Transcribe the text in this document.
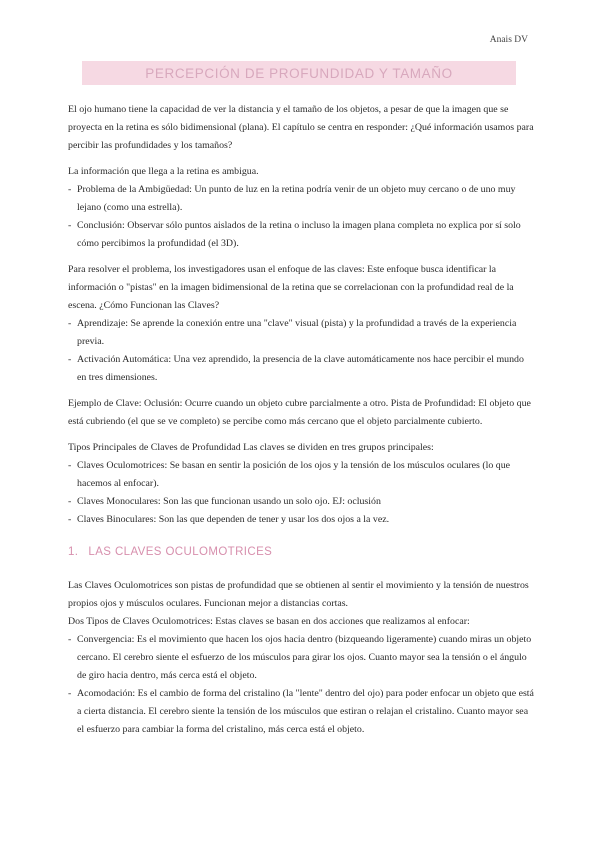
Anais DV
PERCEPCIÓN DE PROFUNDIDAD Y TAMAÑO

El ojo humano tiene la capacidad de ver la distancia y el tamaño de los objetos, a pesar de que la imagen que se proyecta en la retina es sólo bidimensional (plana). El capítulo se centra en responder: ¿Qué información usamos para percibir las profundidades y los tamaños?

La información que llega a la retina es ambigua.

- Problema de la Ambigüedad: Un punto de luz en la retina podría venir de un objeto muy cercano o de uno muy lejano (como una estrella).
- Conclusión: Observar sólo puntos aislados de la retina o incluso la imagen plana completa no explica por sí solo cómo percibimos la profundidad (el 3D).

Para resolver el problema, los investigadores usan el enfoque de las claves: Este enfoque busca identificar la información o "pistas" en la imagen bidimensional de la retina que se correlacionan con la profundidad real de la escena. ¿Cómo Funcionan las Claves?

- Aprendizaje: Se aprende la conexión entre una "clave" visual (pista) y la profundidad a través de la experiencia previa.
- Activación Automática: Una vez aprendido, la presencia de la clave automáticamente nos hace percibir el mundo en tres dimensiones.

Ejemplo de Clave: Oclusión: Ocurre cuando un objeto cubre parcialmente a otro. Pista de Profundidad: El objeto que está cubriendo (el que se ve completo) se percibe como más cercano que el objeto parcialmente cubierto.

Tipos Principales de Claves de Profundidad Las claves se dividen en tres grupos principales:

- Claves Oculomotrices: Se basan en sentir la posición de los ojos y la tensión de los músculos oculares (lo que hacemos al enfocar).
- Claves Monoculares: Son las que funcionan usando un solo ojo. EJ: oclusión
- Claves Binoculares: Son las que dependen de tener y usar los dos ojos a la vez.
1. LAS CLAVES OCULOMOTRICES

Las Claves Oculomotrices son pistas de profundidad que se obtienen al sentir el movimiento y la tensión de nuestros propios ojos y músculos oculares. Funcionan mejor a distancias cortas.

Dos Tipos de Claves Oculomotrices: Estas claves se basan en dos acciones que realizamos al enfocar:

- Convergencia: Es el movimiento que hacen los ojos hacia dentro (bizqueando ligeramente) cuando miras un objeto cercano. El cerebro siente el esfuerzo de los músculos para girar los ojos. Cuanto mayor sea la tensión o el ángulo de giro hacia dentro, más cerca está el objeto.
- Acomodación: Es el cambio de forma del cristalino (la "lente" dentro del ojo) para poder enfocar un objeto que está a cierta distancia. El cerebro siente la tensión de los músculos que estiran o relajan el cristalino. Cuanto mayor sea el esfuerzo para cambiar la forma del cristalino, más cerca está el objeto.
